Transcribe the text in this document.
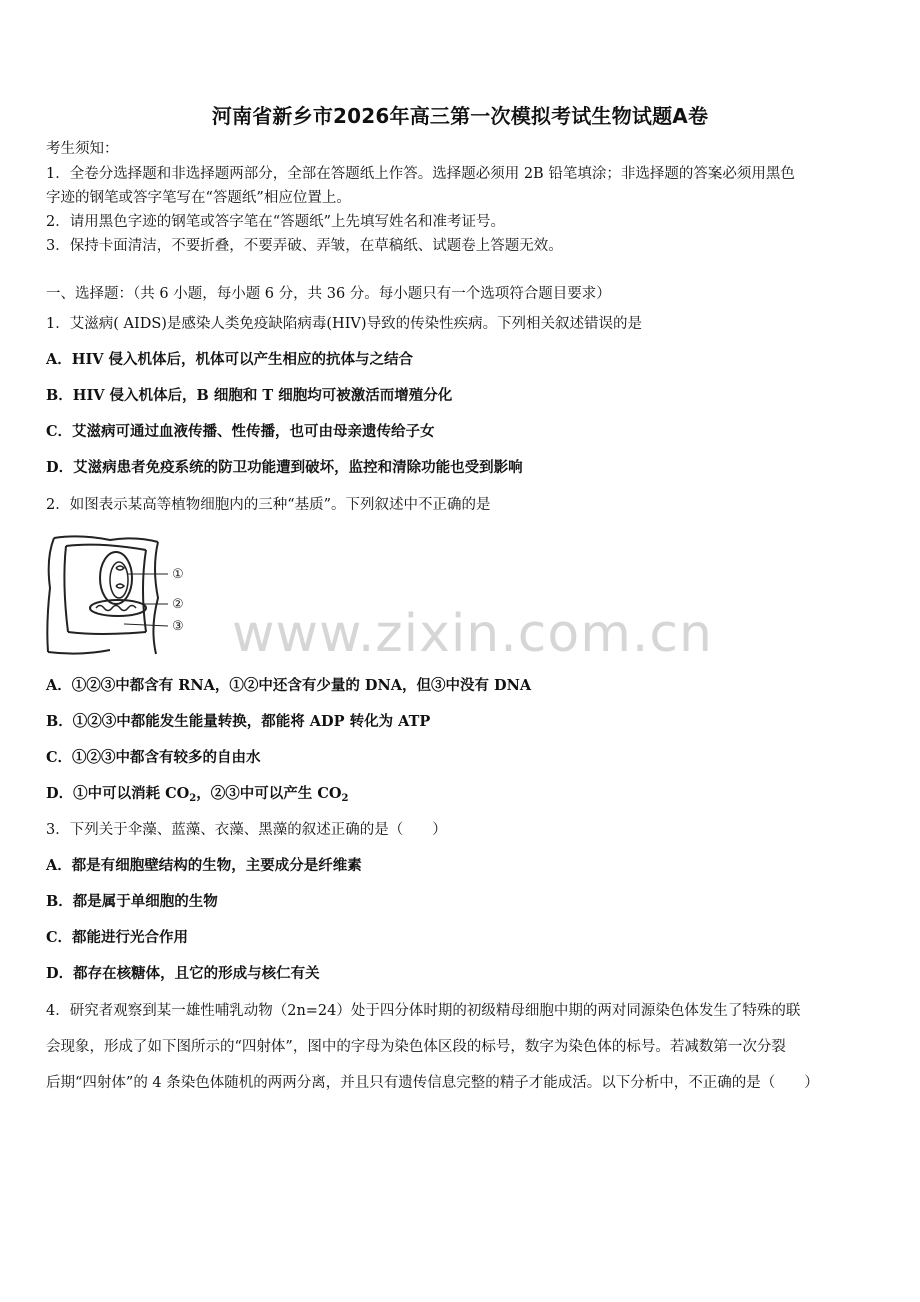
河南省新乡市2026年高三第一次模拟考试生物试题A卷
考生须知：
1．全卷分选择题和非选择题两部分，全部在答题纸上作答。选择题必须用 2B 铅笔填涂；非选择题的答案必须用黑色
字迹的钢笔或答字笔写在“答题纸”相应位置上。
2．请用黑色字迹的钢笔或答字笔在“答题纸”上先填写姓名和准考证号。
3．保持卡面清洁，不要折叠，不要弄破、弄皱，在草稿纸、试题卷上答题无效。
一、选择题：（共 6 小题，每小题 6 分，共 36 分。每小题只有一个选项符合题目要求）
1．艾滋病( AIDS)是感染人类免疫缺陷病毒(HIV)导致的传染性疾病。下列相关叙述错误的是
A．HIV 侵入机体后，机体可以产生相应的抗体与之结合
B．HIV 侵入机体后，B 细胞和 T 细胞均可被激活而增殖分化
C．艾滋病可通过血液传播、性传播，也可由母亲遗传给子女
D．艾滋病患者免疫系统的防卫功能遭到破坏，监控和清除功能也受到影响
2．如图表示某高等植物细胞内的三种“基质”。下列叙述中不正确的是
①
②
③ www.zixin.com.cn
A．①②③中都含有 RNA，①②中还含有少量的 DNA，但③中没有 DNA
B．①②③中都能发生能量转换，都能将 ADP 转化为 ATP
C．①②③中都含有较多的自由水
D．①中可以消耗 $CO_2$，②③中可以产生 $CO_2$
3．下列关于伞藻、蓝藻、衣藻、黑藻的叙述正确的是（　　）
A．都是有细胞壁结构的生物，主要成分是纤维素
B．都是属于单细胞的生物
C．都能进行光合作用
D．都存在核糖体，且它的形成与核仁有关
4．研究者观察到某一雄性哺乳动物（2n=24）处于四分体时期的初级精母细胞中期的两对同源染色体发生了特殊的联
会现象，形成了如下图所示的“四射体”，图中的字母为染色体区段的标号，数字为染色体的标号。若减数第一次分裂
后期“四射体”的 4 条染色体随机的两两分离，并且只有遗传信息完整的精子才能成活。以下分析中，不正确的是（　　）
